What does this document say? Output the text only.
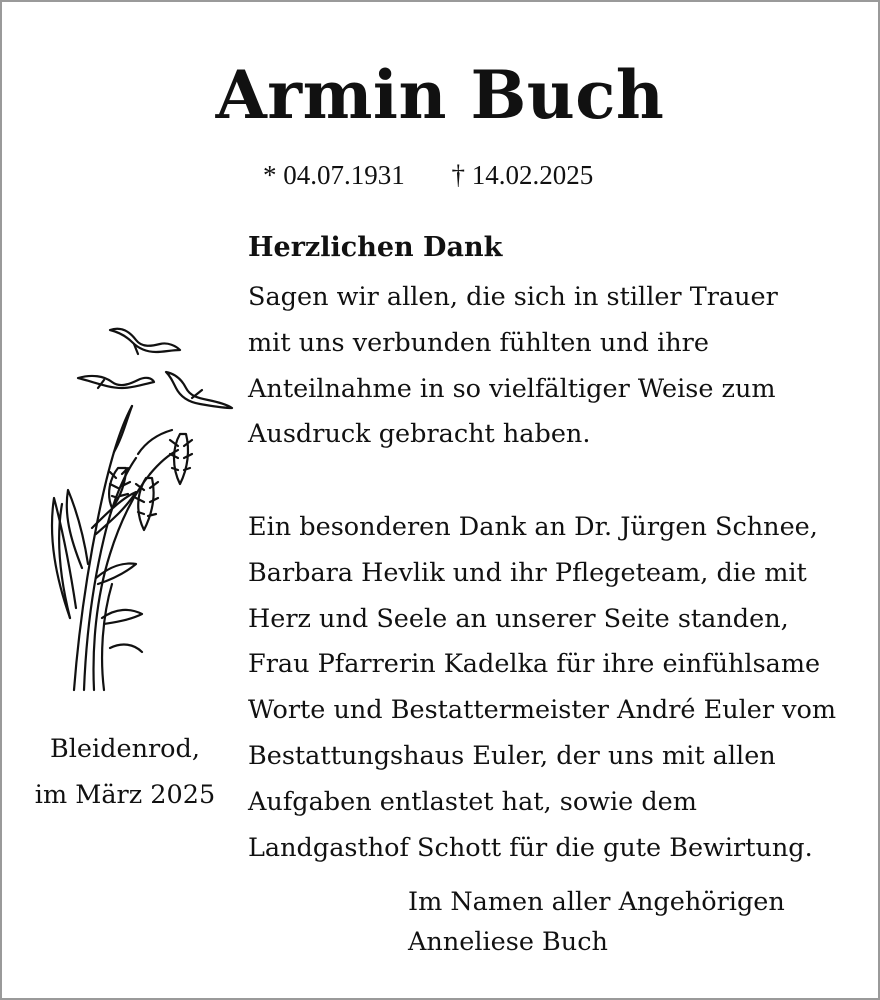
Armin Buch
* 04.07.1931 † 14.02.2025
Herzlichen Dank
Sagen wir allen, die sich in stiller Trauer
mit uns verbunden fühlten und ihre
Anteilnahme in so vielfältiger Weise zum
Ausdruck gebracht haben.
Ein besonderen Dank an Dr. Jürgen Schnee,
Barbara Hevlik und ihr Pflegeteam, die mit
Herz und Seele an unserer Seite standen,
Frau Pfarrerin Kadelka für ihre einfühlsame
Worte und Bestattermeister André Euler vom
Bestattungshaus Euler, der uns mit allen
Aufgaben entlastet hat, sowie dem
Landgasthof Schott für die gute Bewirtung.
Bleidenrod,
im März 2025
Im Namen aller Angehörigen
Anneliese Buch
